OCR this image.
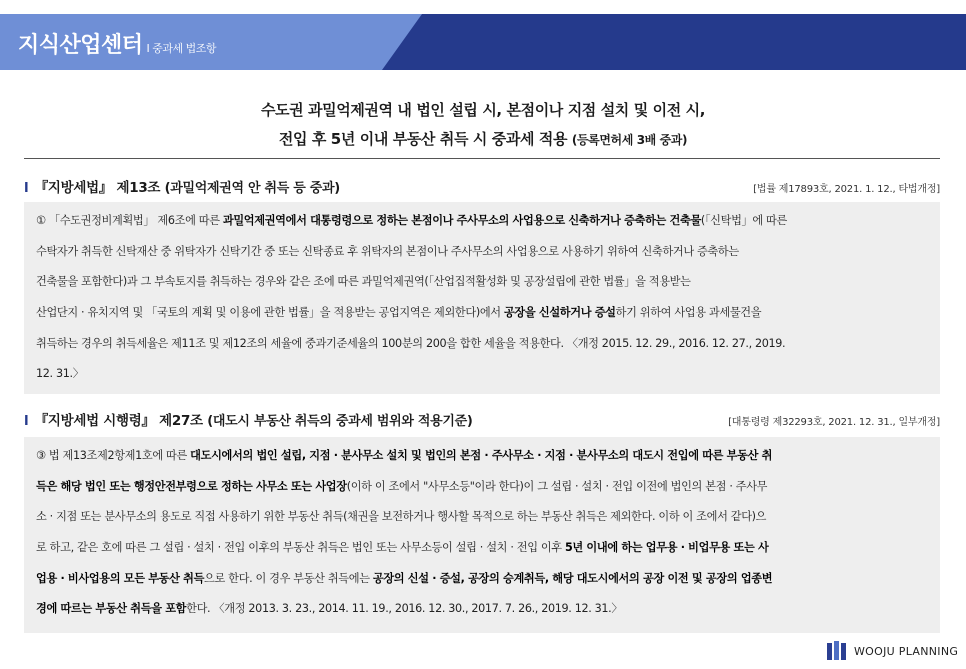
지식산업센터 I 중과세 법조항
수도권 과밀억제권역 내 법인 설립 시, 본점이나 지점 설치 및 이전 시,
전입 후 5년 이내 부동산 취득 시 중과세 적용 (등록면허세 3배 중과)
l 『지방세법』 제13조 (과밀억제권역 안 취득 등 중과)	[법률 제17893호, 2021. 1. 12., 타법개정]
① 「수도권정비계획법」 제6조에 따른 과밀억제권역에서 대통령령으로 정하는 본점이나 주사무소의 사업용으로 신축하거나 증축하는 건축물(「신탁법」에 따른
수탁자가 취득한 신탁재산 중 위탁자가 신탁기간 중 또는 신탁종료 후 위탁자의 본점이나 주사무소의 사업용으로 사용하기 위하여 신축하거나 증축하는
건축물을 포함한다)과 그 부속토지를 취득하는 경우와 같은 조에 따른 과밀억제권역(「산업집적활성화 및 공장설립에 관한 법률」을 적용받는
산업단지 · 유치지역 및 「국토의 계획 및 이용에 관한 법률」을 적용받는 공업지역은 제외한다)에서 공장을 신설하거나 증설하기 위하여 사업용 과세물건을
취득하는 경우의 취득세율은 제11조 및 제12조의 세율에 중과기준세율의 100분의 200을 합한 세율을 적용한다. 〈개정 2015. 12. 29., 2016. 12. 27., 2019.
12. 31.〉
l 『지방세법 시행령』 제27조 (대도시 부동산 취득의 중과세 범위와 적용기준)	[대통령령 제32293호, 2021. 12. 31., 일부개정]
③ 법 제13조제2항제1호에 따른 대도시에서의 법인 설립, 지점 · 분사무소 설치 및 법인의 본점 · 주사무소 · 지점 · 분사무소의 대도시 전입에 따른 부동산 취
득은 해당 법인 또는 행정안전부령으로 정하는 사무소 또는 사업장(이하 이 조에서 "사무소등"이라 한다)이 그 설립 · 설치 · 전입 이전에 법인의 본점 · 주사무
소 · 지점 또는 분사무소의 용도로 직접 사용하기 위한 부동산 취득(채권을 보전하거나 행사할 목적으로 하는 부동산 취득은 제외한다. 이하 이 조에서 같다)으
로 하고, 같은 호에 따른 그 설립 · 설치 · 전입 이후의 부동산 취득은 법인 또는 사무소등이 설립 · 설치 · 전입 이후 5년 이내에 하는 업무용 · 비업무용 또는 사
업용 · 비사업용의 모든 부동산 취득으로 한다. 이 경우 부동산 취득에는 공장의 신설 · 증설, 공장의 승계취득, 해당 대도시에서의 공장 이전 및 공장의 업종변
경에 따르는 부동산 취득을 포함한다. 〈개정 2013. 3. 23., 2014. 11. 19., 2016. 12. 30., 2017. 7. 26., 2019. 12. 31.〉
WOOJU PLANNING
